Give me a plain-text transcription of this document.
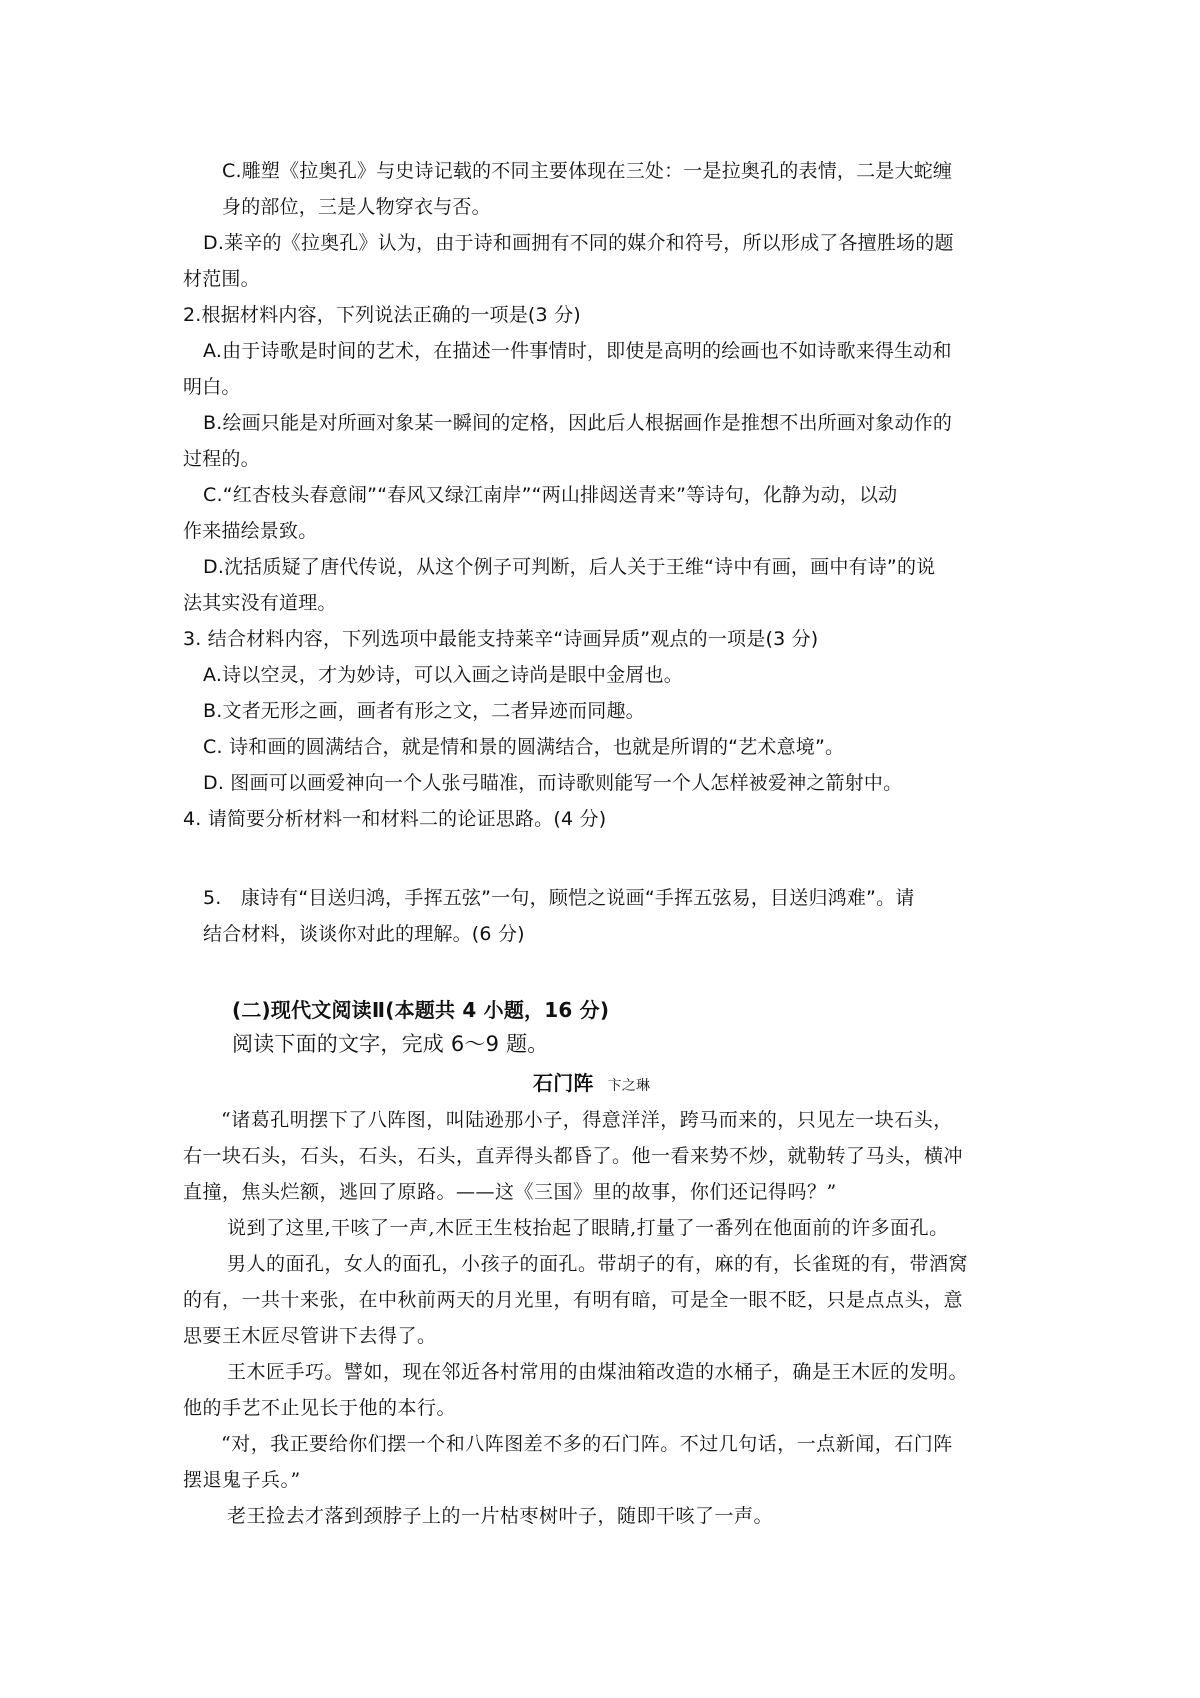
C.雕塑《拉奥孔》与史诗记载的不同主要体现在三处：一是拉奥孔的表情，二是大蛇缠

身的部位，三是人物穿衣与否。

D.莱辛的《拉奥孔》认为，由于诗和画拥有不同的媒介和符号，所以形成了各擅胜场的题

材范围。

2.根据材料内容，下列说法正确的一项是(3 分)

A.由于诗歌是时间的艺术，在描述一件事情时，即使是高明的绘画也不如诗歌来得生动和

明白。

B.绘画只能是对所画对象某一瞬间的定格，因此后人根据画作是推想不出所画对象动作的

过程的。

C.“红杏枝头春意闹”“春风又绿江南岸”“两山排闼送青来”等诗句，化静为动，以动

作来描绘景致。

D.沈括质疑了唐代传说，从这个例子可判断，后人关于王维“诗中有画，画中有诗”的说

法其实没有道理。

3. 结合材料内容，下列选项中最能支持莱辛“诗画异质”观点的一项是(3 分)

A.诗以空灵，才为妙诗，可以入画之诗尚是眼中金屑也。

B.文者无形之画，画者有形之文，二者异迹而同趣。

C. 诗和画的圆满结合，就是情和景的圆满结合，也就是所谓的“艺术意境”。

D. 图画可以画爱神向一个人张弓瞄准，而诗歌则能写一个人怎样被爱神之箭射中。

4. 请简要分析材料一和材料二的论证思路。(4 分)

5.　康诗有“目送归鸿，手挥五弦”一句，顾恺之说画“手挥五弦易，目送归鸿难”。请

结合材料，谈谈你对此的理解。(6 分)

(二)现代文阅读Ⅱ(本题共 4 小题，16 分)

阅读下面的文字，完成 6～9 题。

石门阵 卞之琳

“诸葛孔明摆下了八阵图，叫陆逊那小子，得意洋洋，跨马而来的，只见左一块石头，

右一块石头，石头，石头，石头，直弄得头都昏了。他一看来势不炒，就勒转了马头，横冲

直撞，焦头烂额，逃回了原路。——这《三国》里的故事，你们还记得吗？”

说到了这里,干咳了一声,木匠王生枝抬起了眼睛,打量了一番列在他面前的许多面孔。

男人的面孔，女人的面孔，小孩子的面孔。带胡子的有，麻的有，长雀斑的有，带酒窝

的有，一共十来张，在中秋前两天的月光里，有明有暗，可是全一眼不眨，只是点点头，意

思要王木匠尽管讲下去得了。

王木匠手巧。譬如，现在邻近各村常用的由煤油箱改造的水桶子，确是王木匠的发明。

他的手艺不止见长于他的本行。

“对，我正要给你们摆一个和八阵图差不多的石门阵。不过几句话，一点新闻，石门阵

摆退鬼子兵。”

老王捡去才落到颈脖子上的一片枯枣树叶子，随即干咳了一声。
